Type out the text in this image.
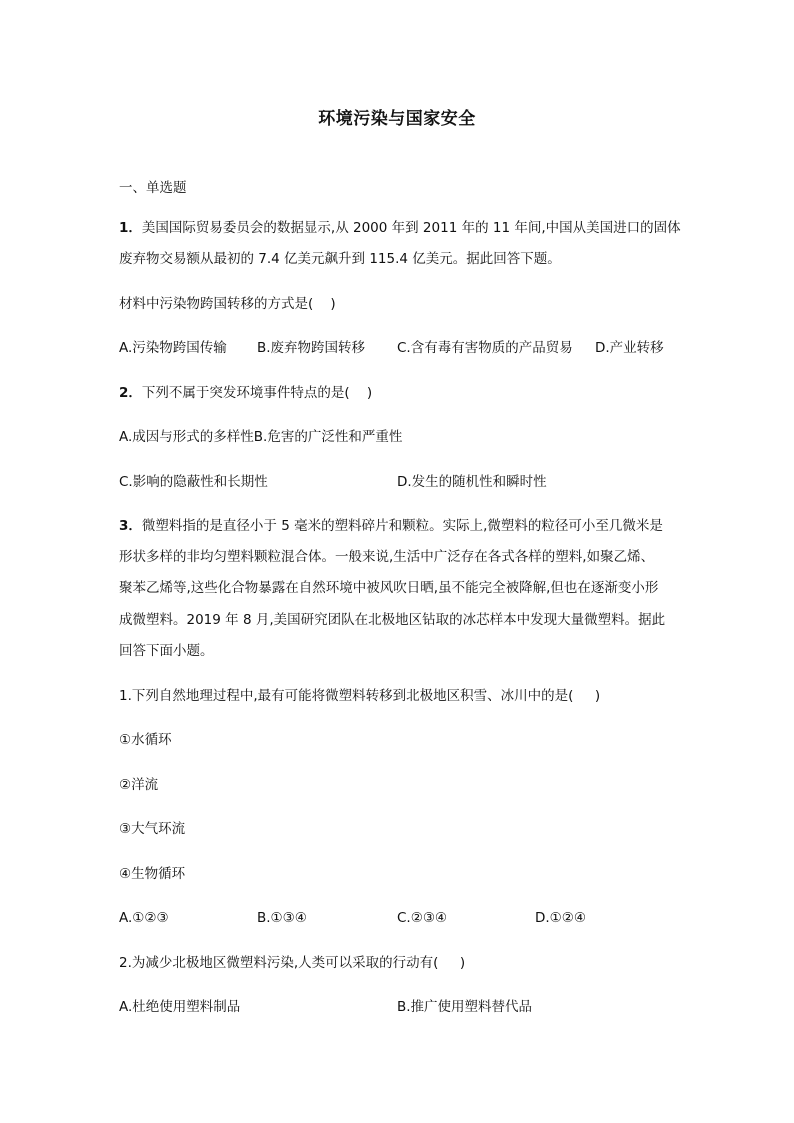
环境污染与国家安全
一、单选题
1．美国国际贸易委员会的数据显示,从 2000 年到 2011 年的 11 年间,中国从美国进口的固体
废弃物交易额从最初的 7.4 亿美元飙升到 115.4 亿美元。据此回答下题。
材料中污染物跨国转移的方式是(    )
A.污染物跨国传输 B.废弃物跨国转移 C.含有毒有害物质的产品贸易 D.产业转移
2．下列不属于突发环境事件特点的是(    )
A.成因与形式的多样性B.危害的广泛性和严重性
C.影响的隐蔽性和长期性	D.发生的随机性和瞬时性
3．微塑料指的是直径小于 5 毫米的塑料碎片和颗粒。实际上,微塑料的粒径可小至几微米是
形状多样的非均匀塑料颗粒混合体。一般来说,生活中广泛存在各式各样的塑料,如聚乙烯、
聚苯乙烯等,这些化合物暴露在自然环境中被风吹日晒,虽不能完全被降解,但也在逐渐变小形
成微塑料。2019 年 8 月,美国研究团队在北极地区钻取的冰芯样本中发现大量微塑料。据此
回答下面小题。
1.下列自然地理过程中,最有可能将微塑料转移到北极地区积雪、冰川中的是(     )
①水循环
②洋流
③大气环流
④生物循环
A.①②③	B.①③④	C.②③④	D.①②④
2.为减少北极地区微塑料污染,人类可以采取的行动有(     )
A.杜绝使用塑料制品	B.推广使用塑料替代品
